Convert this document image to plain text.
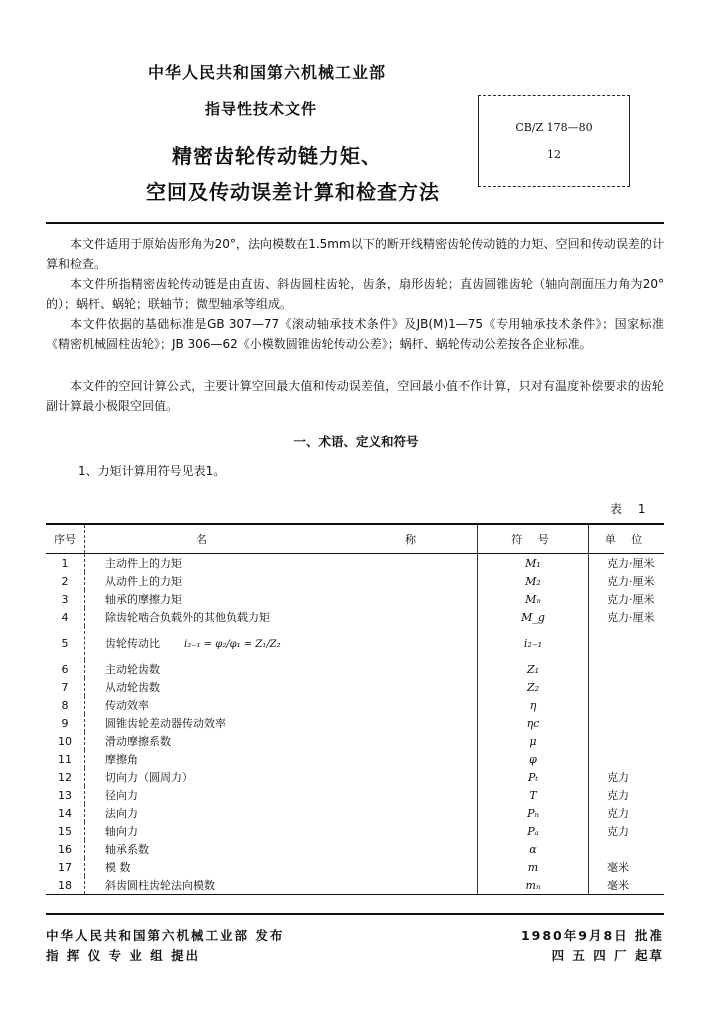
中华人民共和国第六机械工业部
指导性技术文件
精密齿轮传动链力矩、
空回及传动误差计算和检查方法
CB/Z 178—80
12
本文件适用于原始齿形角为20°，法向模数在1.5mm以下的断开线精密齿轮传动链的力矩、空回和传动误差的计算和检查。
本文件所指精密齿轮传动链是由直齿、斜齿圆柱齿轮，齿条，扇形齿轮；直齿圆锥齿轮（轴向剖面压力角为20°的）；蜗杆、蜗轮；联轴节；微型轴承等组成。
本文件依据的基础标准是GB 307—77《滚动轴承技术条件》及JB(M)1—75《专用轴承技术条件》；国家标准《精密机械圆柱齿轮》；JB 306—62《小模数圆锥齿轮传动公差》；蜗杆、蜗轮传动公差按各企业标准。
本文件的空回计算公式，主要计算空回最大值和传动误差值，空回最小值不作计算，只对有温度补偿要求的齿轮副计算最小极限空回值。
一、术语、定义和符号
1、力矩计算用符号见表1。
表 1
序号	名 称	符 号	单 位
1	主动件上的力矩	M₁	克力·厘米
2	从动件上的力矩	M₂	克力·厘米
3	轴承的摩擦力矩	Mₙ	克力·厘米
4	除齿轮啮合负载外的其他负载力矩	M_g	克力·厘米
5	齿轮传动比 i₂₋₁ = φ₂/φ₁ = Z₁/Z₂	i₂₋₁	
6	主动轮齿数	Z₁	
7	从动轮齿数	Z₂	
8	传动效率	η	
9	圆锥齿轮差动器传动效率	ηc	
10	滑动摩擦系数	μ	
11	摩擦角	φ	
12	切向力（圆周力）	Pₜ	克力
13	径向力	T	克力
14	法向力	Pₙ	克力
15	轴向力	Pₐ	克力
16	轴承系数	α	
17	模 数	m	毫米
18	斜齿圆柱齿轮法向模数	mₙ	毫米
中华人民共和国第六机械工业部 发布	1980年9月8日 批准
指 挥 仪 专 业 组 提出	四 五 四 厂 起草
